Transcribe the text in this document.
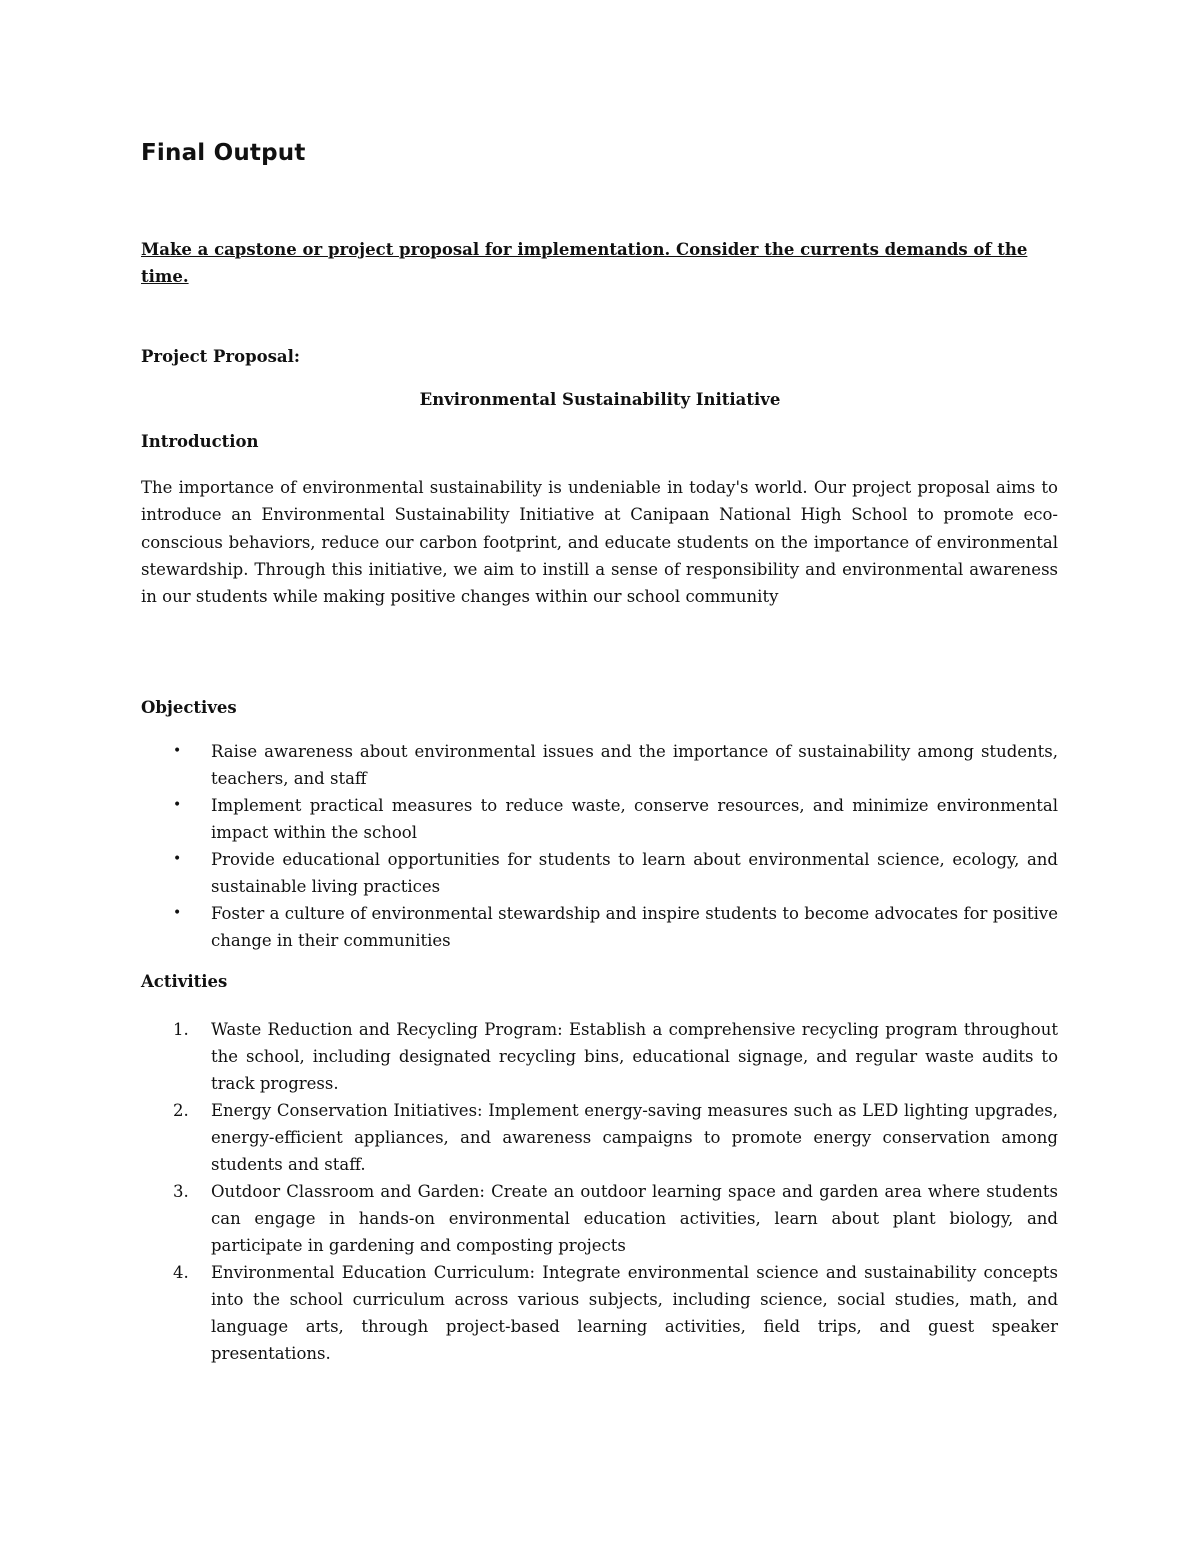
Final Output

Make a capstone or project proposal for implementation. Consider the currents demands of the time.

Project Proposal:

Environmental Sustainability Initiative

Introduction

The importance of environmental sustainability is undeniable in today's world. Our project proposal aims to introduce an Environmental Sustainability Initiative at Canipaan National High School to promote eco-conscious behaviors, reduce our carbon footprint, and educate students on the importance of environmental stewardship. Through this initiative, we aim to instill a sense of responsibility and environmental awareness in our students while making positive changes within our school community

Objectives
• Raise awareness about environmental issues and the importance of sustainability among students, teachers, and staff
• Implement practical measures to reduce waste, conserve resources, and minimize environmental impact within the school
• Provide educational opportunities for students to learn about environmental science, ecology, and sustainable living practices
• Foster a culture of environmental stewardship and inspire students to become advocates for positive change in their communities
Activities
1.	Waste Reduction and Recycling Program: Establish a comprehensive recycling program throughout the school, including designated recycling bins, educational signage, and regular waste audits to track progress.
2.	Energy Conservation Initiatives: Implement energy-saving measures such as LED lighting upgrades, energy-efficient appliances, and awareness campaigns to promote energy conservation among students and staff.
3.	Outdoor Classroom and Garden: Create an outdoor learning space and garden area where students can engage in hands-on environmental education activities, learn about plant biology, and participate in gardening and composting projects
4.	Environmental Education Curriculum: Integrate environmental science and sustainability concepts into the school curriculum across various subjects, including science, social studies, math, and language arts, through project-based learning activities, field trips, and guest speaker presentations.
